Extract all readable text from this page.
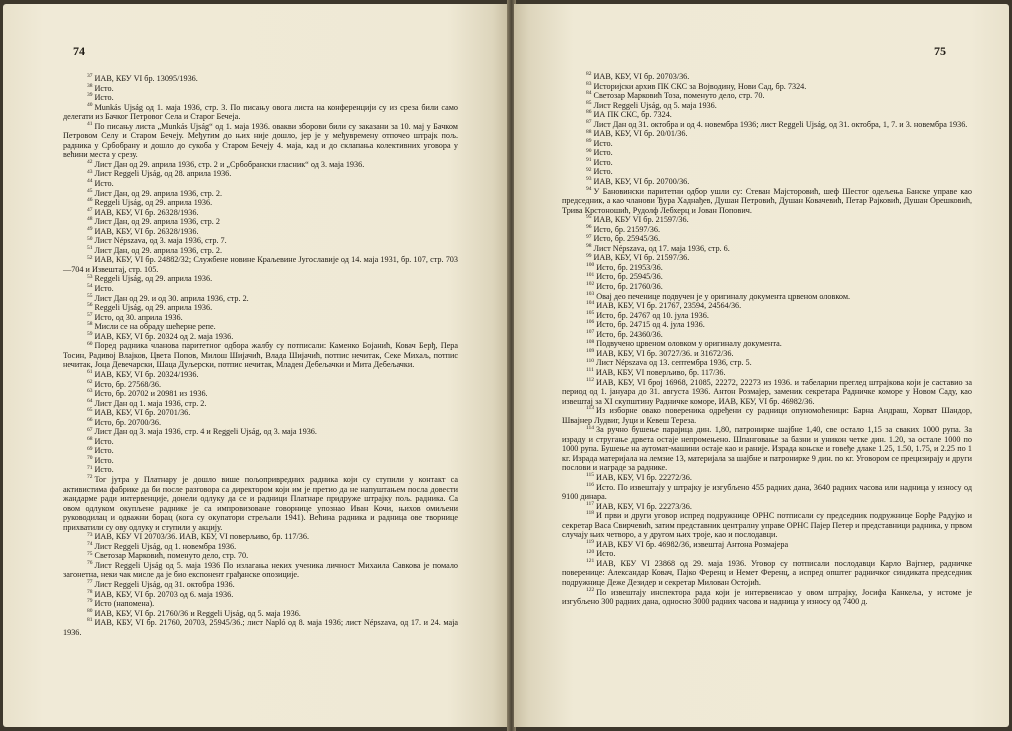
74

$^{37}$ ИАВ, КБУ VI бр. 13095/1936.

$^{38}$ Исто.

$^{39}$ Исто.

$^{40}$ Munkás Ujság од 1. маја 1936, стр. 3. По писању овога листа на конференцији су из среза били само делегати из Бачког Петровог Села и Старог Бечеја.

$^{41}$ По писању листа „Munkás Ujság“ од 1. маја 1936. овакви зборови били су заказани за 10. мај у Бачком Петровом Селу и Старом Бечеју. Међутим до њих није дошло, јер је у међувремену отпочео штрајк пољ. радника у Србобрану и дошло до сукоба у Старом Бечеју 4. маја, кад и до склапања колективних уговора у већини места у срезу.

$^{42}$ Лист Дан од 29. априла 1936, стр. 2 и „Србобрански гласник“ од 3. маја 1936.

$^{43}$ Лист Reggeli Ujság, од 28. априла 1936.

$^{44}$ Исто.

$^{45}$ Лист Дан, од 29. априла 1936, стр. 2.

$^{46}$ Reggeli Ujság, од 29. априла 1936.

$^{47}$ ИАВ, КБУ, VI бр. 26328/1936.

$^{48}$ Лист Дан, од 29. априла 1936, стр. 2

$^{49}$ ИАВ, КБУ, VI бр. 26328/1936.

$^{50}$ Лист Népszava, од 3. маја 1936, стр. 7.

$^{51}$ Лист Дан, од 29. априла 1936, стр. 2.

$^{52}$ ИАВ, КБУ, VI бр. 24882/32; Службене новине Краљевине Југославије од 14. маја 1931, бр. 107, стр. 703—704 и Извештај, стр. 105.

$^{53}$ Reggeli Ujság, од 29. априла 1936.

$^{54}$ Исто.

$^{55}$ Лист Дан од 29. и од 30. априла 1936, стр. 2.

$^{56}$ Reggeli Ujság, од 29. априла 1936.

$^{57}$ Исто, од 30. априла 1936.

$^{58}$ Мисли се на обраду шећерне репе.

$^{59}$ ИАВ, КБУ, VI бр. 20324 од 2. маја 1936.

$^{60}$ Поред радника чланова паритетног одбора жалбу су потписали: Каменко Бојанић, Ковач Берђ, Пера Тосин, Радивој Влајков, Цвета Попов, Милош Шијачић, Влада Шијачић, потпис нечитак, Секе Михаљ, потпис нечитак, Јоца Девечарски, Шаца Дуљерски, потпис нечитак, Младен Дебељачки и Мита Дебељачки.

$^{61}$ ИАВ, КБУ, VI бр. 20324/1936.

$^{62}$ Исто, бр. 27568/36.

$^{63}$ Исто, бр. 20702 и 20981 из 1936.

$^{64}$ Лист Дан од 1. маја 1936, стр. 2.

$^{65}$ ИАВ, КБУ, VI бр. 20701/36.

$^{66}$ Исто, бр. 20700/36.

$^{67}$ Лист Дан од 3. маја 1936, стр. 4 и Reggeli Ujság, од 3. маја 1936.

$^{68}$ Исто.

$^{69}$ Исто.

$^{70}$ Исто.

$^{71}$ Исто.

$^{72}$ Тог јутра у Платнару је дошло више пољопривредних радника који су ступили у контакт са активистима фабрике да би после разговора са директором који им је претио да не напуштањем посла довести жандарме ради интервенције, донели одлуку да се и радници Платнаре придруже штрајку пољ. радника. Са овом одлуком окупљене раднике је са импровизоване говорнице упознао Иван Кочи, њихов омиљени руководилац и одважни борац (кога су окупатори стрељали 1941). Већина радника и радница ове творнице прихватили су ову одлуку и ступили у акцију.

$^{73}$ ИАВ, КБУ VI 20703/36. ИАВ, КБУ, VI поверљиво, бр. 117/36.

$^{74}$ Лист Reggeli Ujság, од 1. новембра 1936.

$^{75}$ Светозар Марковић, поменуто дело, стр. 70.

$^{76}$ Лист Reggeli Ujság од 5. маја 1936 По излагања неких ученика личност Михаила Савкова је помало загонетна, неки чак мисле да је био експонент грађанске опозиције.

$^{77}$ Лист Reggeli Ujság, од 31. октобра 1936.

$^{78}$ ИАВ, КБУ, VI бр. 20703 од 6. маја 1936.

$^{79}$ Исто (напомена).

$^{80}$ ИАВ, КБУ, VI бр. 21760/36 и Reggeli Ujság, од 5. маја 1936.

$^{81}$ ИАВ, КБУ, VI бр. 21760, 20703, 25945/36.; лист Napló од 8. маја 1936; лист Népszava, од 17. и 24. маја 1936.

75

$^{82}$ ИАВ, КБУ, VI бр. 20703/36.

$^{83}$ Историјски архив ПК СКС за Војводину, Нови Сад, бр. 7324.

$^{84}$ Светозар Марковић Тоза, поменуто дело, стр. 70.

$^{85}$ Лист Reggeli Ujság, од 5. маја 1936.

$^{86}$ ИА ПК СКС, бр. 7324.

$^{87}$ Лист Дан од 31. октобра и од 4. новембра 1936; лист Reggeli Ujság, од 31. октобра, 1, 7. и 3. новембра 1936.

$^{88}$ ИАВ, КБУ, VI бр. 20/01/36.

$^{89}$ Исто.

$^{90}$ Исто.

$^{91}$ Исто.

$^{92}$ Исто.

$^{93}$ ИАВ, КБУ, VI бр. 20700/36.

$^{94}$ У Бановински паритетни одбор ушли су: Стеван Мајсторовић, шеф Шестог одељења Банске управе као председник, а као чланови Ђура Хаднађев, Душан Петровић, Душан Ковачевић, Петар Рајковић, Душан Орешковић, Трива Крстоношић, Рудолф Лебхерц и Јован Попович.

$^{95}$ ИАВ, КБУ VI бр. 21597/36.

$^{96}$ Исто, бр. 21597/36.

$^{97}$ Исто, бр. 25945/36.

$^{98}$ Лист Népszava, од 17. маја 1936, стр. 6.

$^{99}$ ИАВ, КБУ, VI бр. 21597/36.

$^{100}$ Исто, бр. 21953/36.

$^{101}$ Исто, бр. 25945/36.

$^{102}$ Исто, бр. 21760/36.

$^{103}$ Овај део печенице подвучен је у оригиналу документа црвеном оловком.

$^{104}$ ИАВ, КБУ, VI бр. 21767, 23594, 24564/36.

$^{105}$ Исто, бр. 24767 од 10. јула 1936.

$^{106}$ Исто, бр. 24715 од 4. јула 1936.

$^{107}$ Исто, бр. 24360/36.

$^{108}$ Подвучено црвеном оловком у оригиналу документа.

$^{109}$ ИАВ, КБУ, VI бр. 30727/36. и 31672/36.

$^{110}$ Лист Népszava од 13. септембра 1936, стр. 5.

$^{111}$ ИАВ, КБУ, VI поверљиво, бр. 117/36.

$^{112}$ ИАВ, КБУ, VI број 16968, 21085, 22272, 22273 из 1936. и табеларни преглед штрајкова који је саставио за период од 1. јануара до 31. августа 1936. Антон Розмајер, заменик секретара Радничке коморе у Новом Саду, као извештај за XI скупштину Радничке коморе, ИАВ, КБУ, VI бр. 46982/36.

$^{113}$ Из изборне овако повереника одређени су радници опуномоћеници: Барна Андраш, Хорват Шандор, Швајнер Лудвиг, Јуци и Кевеш Тереза.

$^{114}$ За ручно бушење парајица дин. 1,80, патронирке шајбне 1,40, све остало 1,15 за сваких 1000 рупа. За израду и стругање дрвета остаје непромењено. Шпанговање за базни и уникон четке дин. 1.20, за остале 1000 по 1000 рупа. Бушење на аутомат-машини остаје као и раније. Израда коњске и говеђе длаке 1.25, 1.50, 1.75, и 2.25 по 1 кг. Израда материјала на лемзие 13, материјала за шајбне и патронирке 9 дин. по кг. Уговором се прецизирају и други послови и награде за раднике.

$^{115}$ ИАВ, КБУ, VI бр. 22272/36.

$^{116}$ Исто. По извештају у штрајку је изгубљено 455 радних дана, 3640 радних часова или надница у износу од 9100 динара.

$^{117}$ ИАВ, КБУ, VI бр. 22273/36.

$^{118}$ И први и други уговор испред подружнице ОРНС потписали су председник подружнице Борђе Радујко и секретар Васа Свирчевић, затим представник централну управе ОРНС Пајер Петер и представници радника, у првом случају њих четворо, а у другом њих троје, као и послодавци.

$^{119}$ ИАВ, КБУ VI бр. 46982/36, извештај Антона Розмајера

$^{120}$ Исто.

$^{121}$ ИАВ, КБУ VI 23868 од 29. маја 1936. Уговор су потписали послодавци Карло Вајгнер, радничке поверенице: Александар Ковач, Пајко Ференц и Немет Ференц, а испред општег радничког синдиката председник подружнице Деже Дезидер и секретар Милован Остојић.

$^{122}$ По извештају инспектора рада који је интервенисао у овом штрајку, Јосифа Канкеља, у истоме је изгубљено 300 радних дана, односно 3000 радних часова и надница у износу од 7400 д.
